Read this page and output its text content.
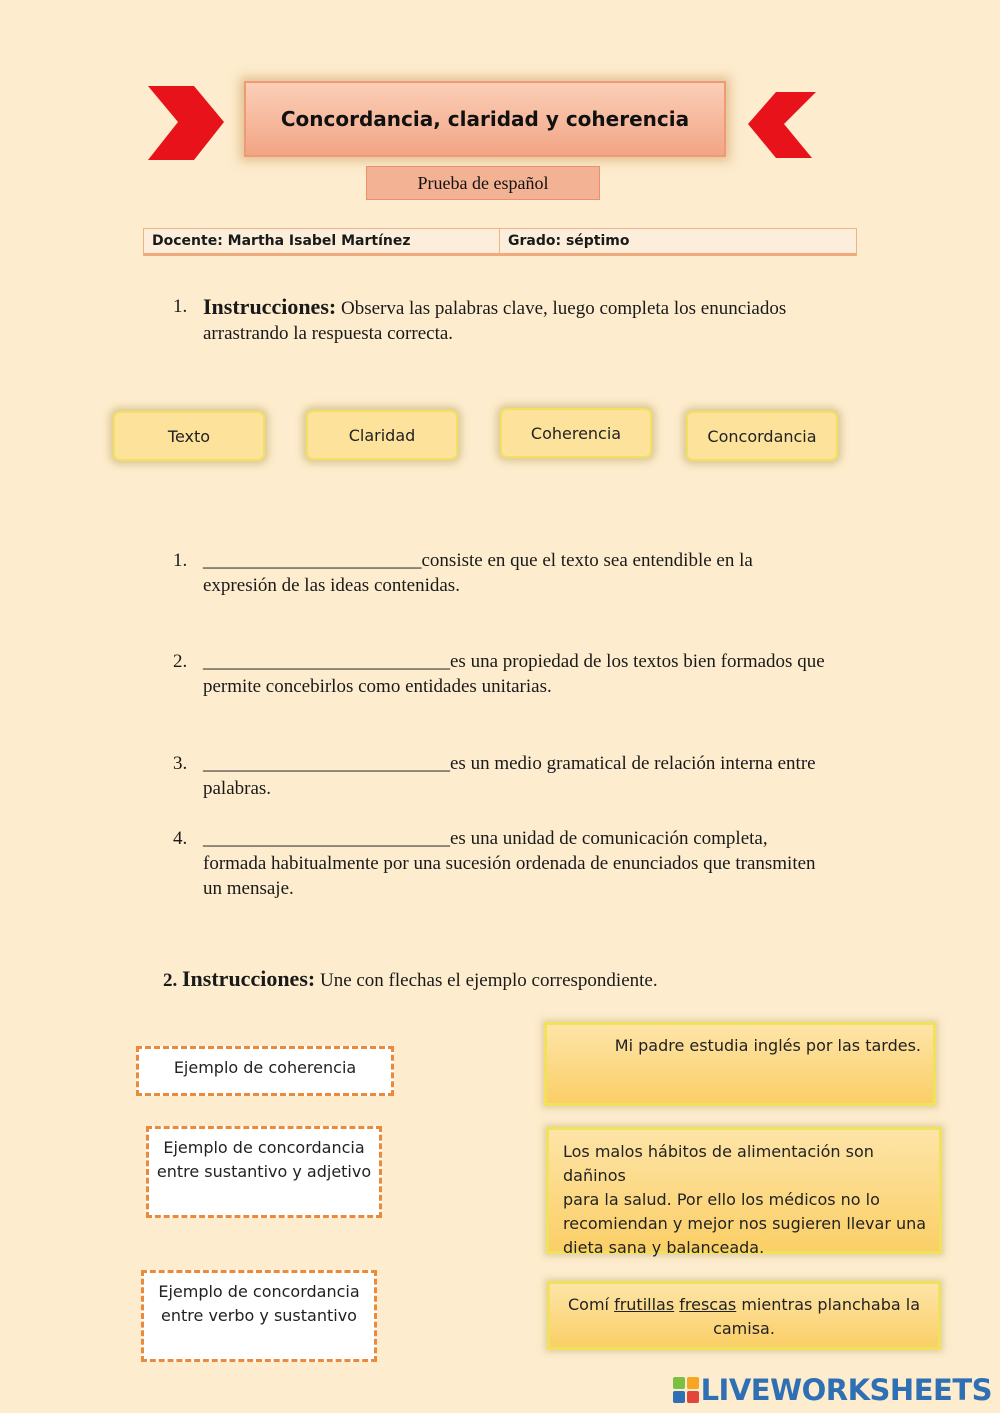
Concordancia, claridad y coherencia
Prueba de español
Docente: Martha Isabel Martínez	Grado: séptimo
1. Instrucciones: Observa las palabras clave, luego completa los enunciados
arrastrando la respuesta correcta.
Texto	Claridad	Coherencia	Concordancia
1. _______________________consiste en que el texto sea entendible en la
expresión de las ideas contenidas.
2. __________________________es una propiedad de los textos bien formados que
permite concebirlos como entidades unitarias.
3. __________________________es un medio gramatical de relación interna entre
palabras.
4. __________________________es una unidad de comunicación completa,
formada habitualmente por una sucesión ordenada de enunciados que transmiten
un mensaje.
2. Instrucciones: Une con flechas el ejemplo correspondiente.
Ejemplo de coherencia
Ejemplo de concordancia
entre sustantivo y adjetivo
Ejemplo de concordancia
entre verbo y sustantivo
Mi padre estudia inglés por las tardes.
Los malos hábitos de alimentación son dañinos
para la salud. Por ello los médicos no lo
recomiendan y mejor nos sugieren llevar una
dieta sana y balanceada.
Comí frutillas frescas mientras planchaba la
camisa.
LIVEWORKSHEETS
